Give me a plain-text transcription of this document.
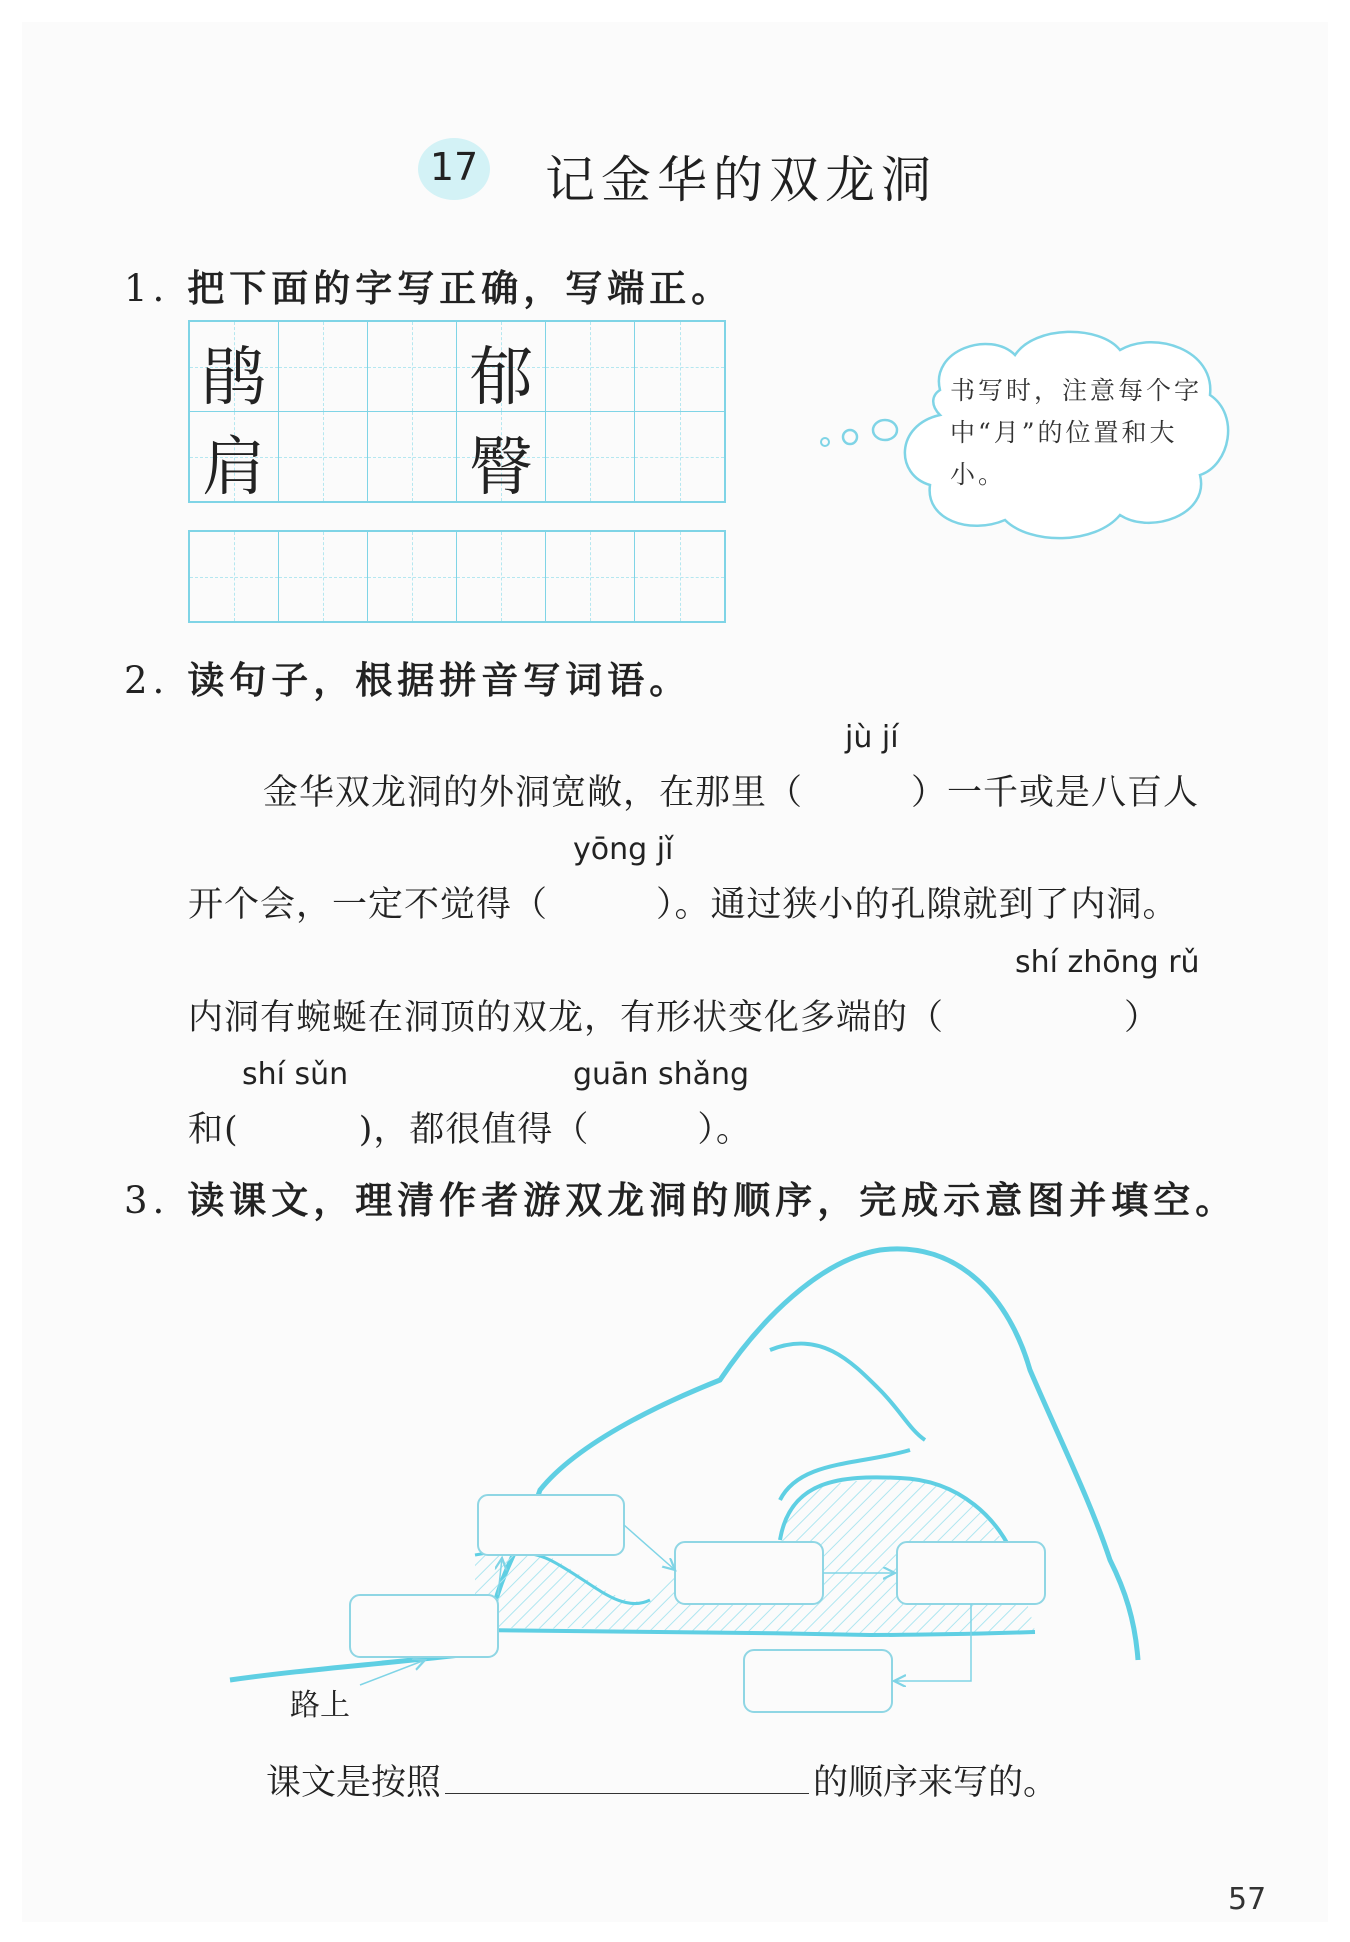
17 记金华的双龙洞
1. 把下面的字写正确，写端正。
鹃	郁
肩	臀
书写时，注意每个字中“月”的位置和大小。
2. 读句子，根据拼音写词语。
jù jí
金华双龙洞的外洞宽敞，在那里（　　　）一千或是八百人
yōng jǐ
开个会，一定不觉得（　　　）。通过狭小的孔隙就到了内洞。
shí zhōng rǔ
内洞有蜿蜒在洞顶的双龙，有形状变化多端的（　　　　　）
shí sǔn	guān shǎng
和(　　　 )，都很值得（　　　）。
3. 读课文，理清作者游双龙洞的顺序，完成示意图并填空。
路上
课文是按照	的顺序来写的。
57
